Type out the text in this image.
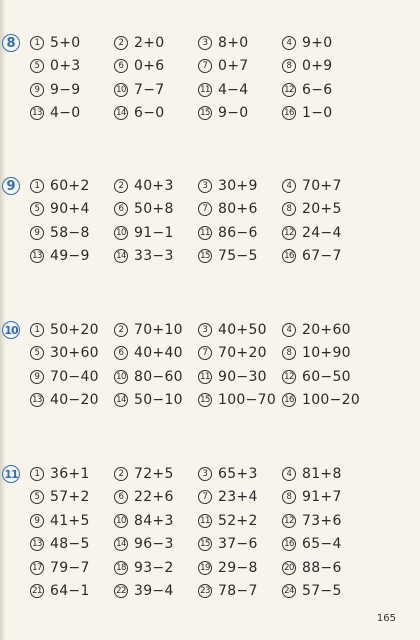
8	1 5+0	2 2+0	3 8+0	4 9+0
5 0+3	6 0+6	7 0+7	8 0+9
9 9−9	10 7−7	11 4−4	12 6−6
13 4−0	14 6−0	15 9−0	16 1−0
9	1 60+2	2 40+3	3 30+9	4 70+7
5 90+4	6 50+8	7 80+6	8 20+5
9 58−8	10 91−1	11 86−6	12 24−4
13 49−9	14 33−3	15 75−5	16 67−7
10	1 50+20	2 70+10	3 40+50	4 20+60
5 30+60	6 40+40	7 70+20	8 10+90
9 70−40 10 80−60 11 90−30 12 60−50
13 40−20 14 50−10 15 100−70 16 100−20
11	1 36+1	2 72+5	3 65+3	4 81+8
5 57+2	6 22+6	7 23+4	8 91+7
9 41+5	10 84+3	11 52+2	12 73+6
13 48−5	14 96−3	15 37−6	16 65−4
17 79−7	18 93−2	19 29−8	20 88−6
21 64−1	22 39−4	23 78−7	24 57−5
165
